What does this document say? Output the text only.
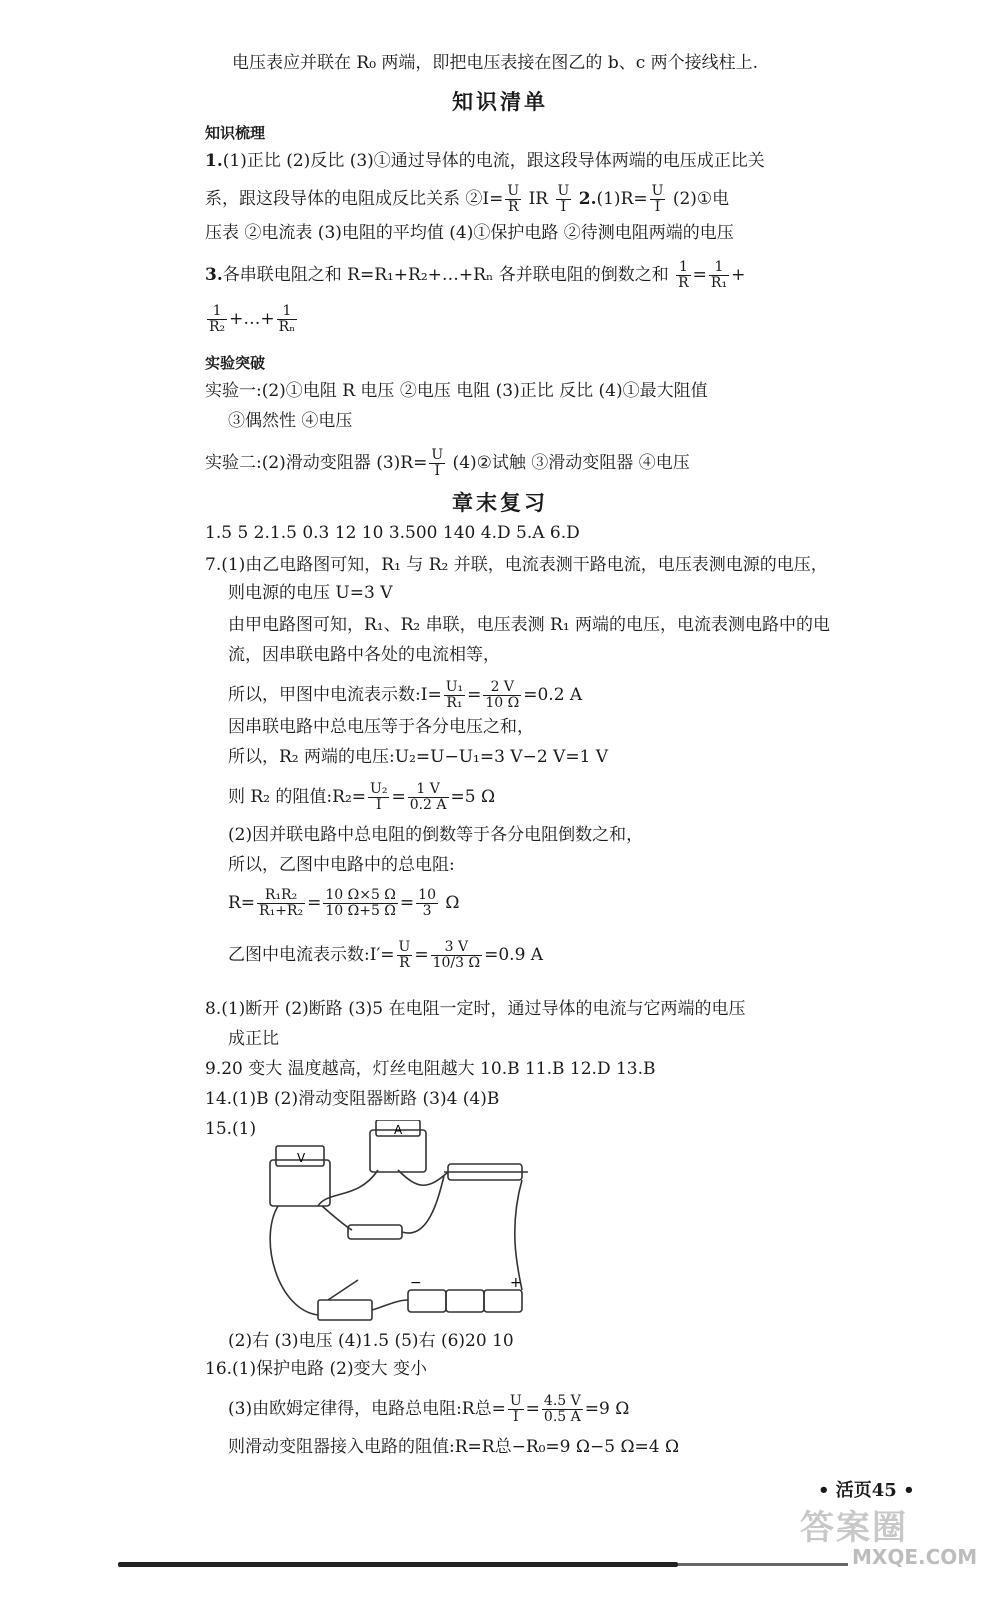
电压表应并联在 R₀ 两端，即把电压表接在图乙的 b、c 两个接线柱上.
知识清单
知识梳理
1.(1)正比 (2)反比 (3)①通过导体的电流，跟这段导体两端的电压成正比关
系，跟这段导体的电阻成反比关系 ②I= $\frac{U}{R}$ IR $\frac{U}{I} 2.(1)R= \frac{U}{I}$ (2)①电
压表 ②电流表 (3)电阻的平均值 (4)①保护电路 ②待测电阻两端的电压
3.各串联电阻之和 R=R₁+R₂+…+Rₙ 各并联电阻的倒数之和 $\frac{1}{R} = \frac{1}{\text{R₁}}$ +
$\frac{1}{\text{R₂}}$ +…+ $\frac{1}{\text{Rₙ}}$
实验突破
实验一:(2)①电阻 R 电压 ②电压 电阻 (3)正比 反比 (4)①最大阻值
③偶然性 ④电压
实验二:(2)滑动变阻器 $(3)R= \frac{U}{I}$ (4)②试触 ③滑动变阻器 ④电压
章末复习
1.5 5 2.1.5 0.3 12 10 3.500 140 4.D 5.A 6.D
7.(1)由乙电路图可知，R₁ 与 R₂ 并联，电流表测干路电流，电压表测电源的电压，
则电源的电压 U=3 V
由甲电路图可知，R₁、R₂ 串联，电压表测 R₁ 两端的电压，电流表测电路中的电
流，因串联电路中各处的电流相等，
所以，甲图中电流表示数:I= $\frac{\text{U₁}}{\text{R₁}} = \frac{2 V}{10 \Omega} =0.2$ A
因串联电路中总电压等于各分电压之和，
所以，R₂ 两端的电压:U₂=U−U₁=3 V−2 V=1 V
则 R₂ 的阻值:R₂= $\frac{\text{U₂}}{I} = \frac{1 V}{0.2 A} =5$ Ω
(2)因并联电路中总电阻的倒数等于各分电阻倒数之和，
所以，乙图中电路中的总电阻:
$R= \frac{\text{R₁R₂}}{\text{R₁+R₂}} = \frac{10 \Omega\times 5 \Omega}{10 \Omega+5 \Omega} = \frac{10}{3}$ Ω
乙图中电流表示数:I′= $\frac{U}{R} = \frac{3 V}{10/3 \Omega} =0.9$ A
8.(1)断开 (2)断路 (3)5 在电阻一定时，通过导体的电流与它两端的电压
成正比
9.20 变大 温度越高，灯丝电阻越大 10.B 11.B 12.D 13.B
14.(1)B (2)滑动变阻器断路 (3)4 (4)B
15.(1)
V
A
−	+
(2)右 (3)电压 (4)1.5 (5)右 (6)20 10
16.(1)保护电路 (2)变大 变小
(3)由欧姆定律得，电路总电阻:R总= $\frac{U}{I} = \frac{4.5 V}{0.5 A} =9$ Ω
则滑动变阻器接入电路的阻值:R=R总−R₀=9 Ω−5 Ω=4 Ω
• 活页45 •
答案圈
MXQE.COM
